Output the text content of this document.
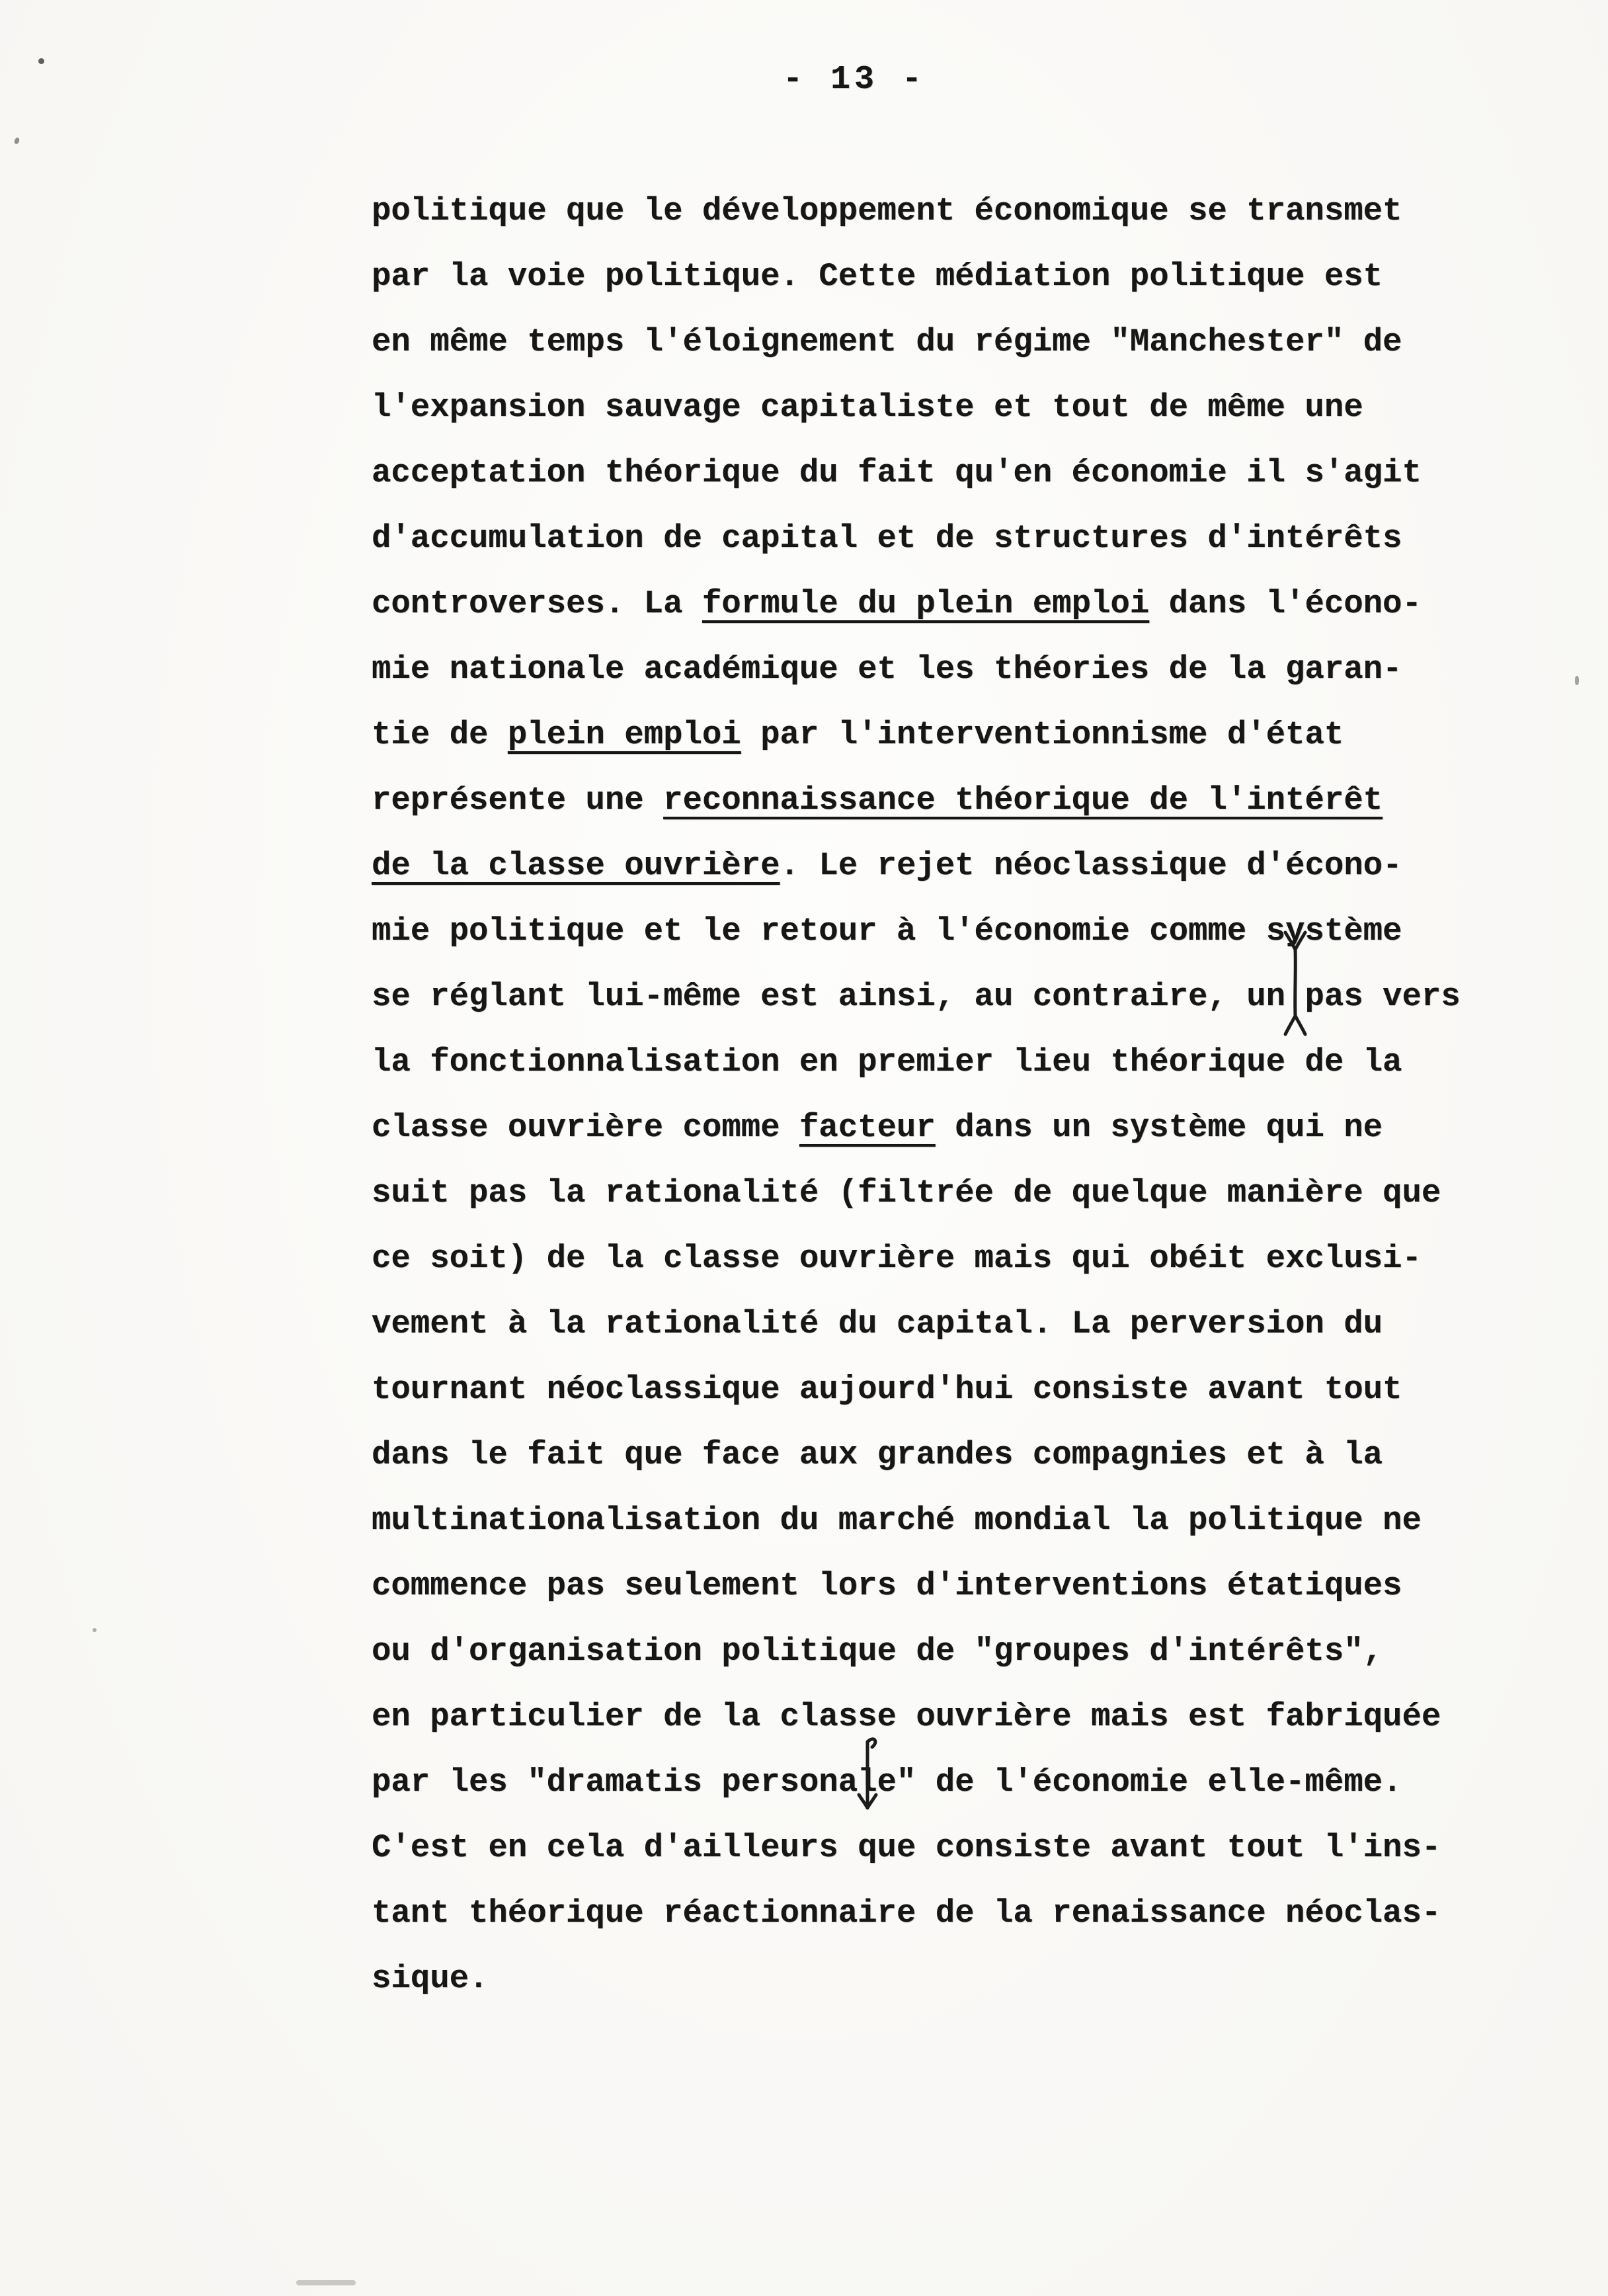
- 13 -
politique que le développement économique se transmet
par la voie politique. Cette médiation politique est
en même temps l'éloignement du régime "Manchester" de
l'expansion sauvage capitaliste et tout de même une
acceptation théorique du fait qu'en économie il s'agit
d'accumulation de capital et de structures d'intérêts
controverses. La formule du plein emploi dans l'écono-
mie nationale académique et les théories de la garan-
tie de plein emploi par l'interventionnisme d'état
représente une reconnaissance théorique de l'intérêt
de la classe ouvrière. Le rejet néoclassique d'écono-
mie politique et le retour à l'économie comme système
se réglant lui-même est ainsi, au contraire, un pas vers
la fonctionnalisation en premier lieu théorique de la
classe ouvrière comme facteur dans un système qui ne
suit pas la rationalité (filtrée de quelque manière que
ce soit) de la classe ouvrière mais qui obéit exclusi-
vement à la rationalité du capital. La perversion du
tournant néoclassique aujourd'hui consiste avant tout
dans le fait que face aux grandes compagnies et à la
multinationalisation du marché mondial la politique ne
commence pas seulement lors d'interventions étatiques
ou d'organisation politique de "groupes d'intérêts",
en particulier de la classe ouvrière mais est fabriquée
par les "dramatis personal
e" de l'économie elle-même.
C'est en cela d'ailleurs que consiste avant tout l'ins-
tant théorique réactionnaire de la renaissance néoclas-
sique.
